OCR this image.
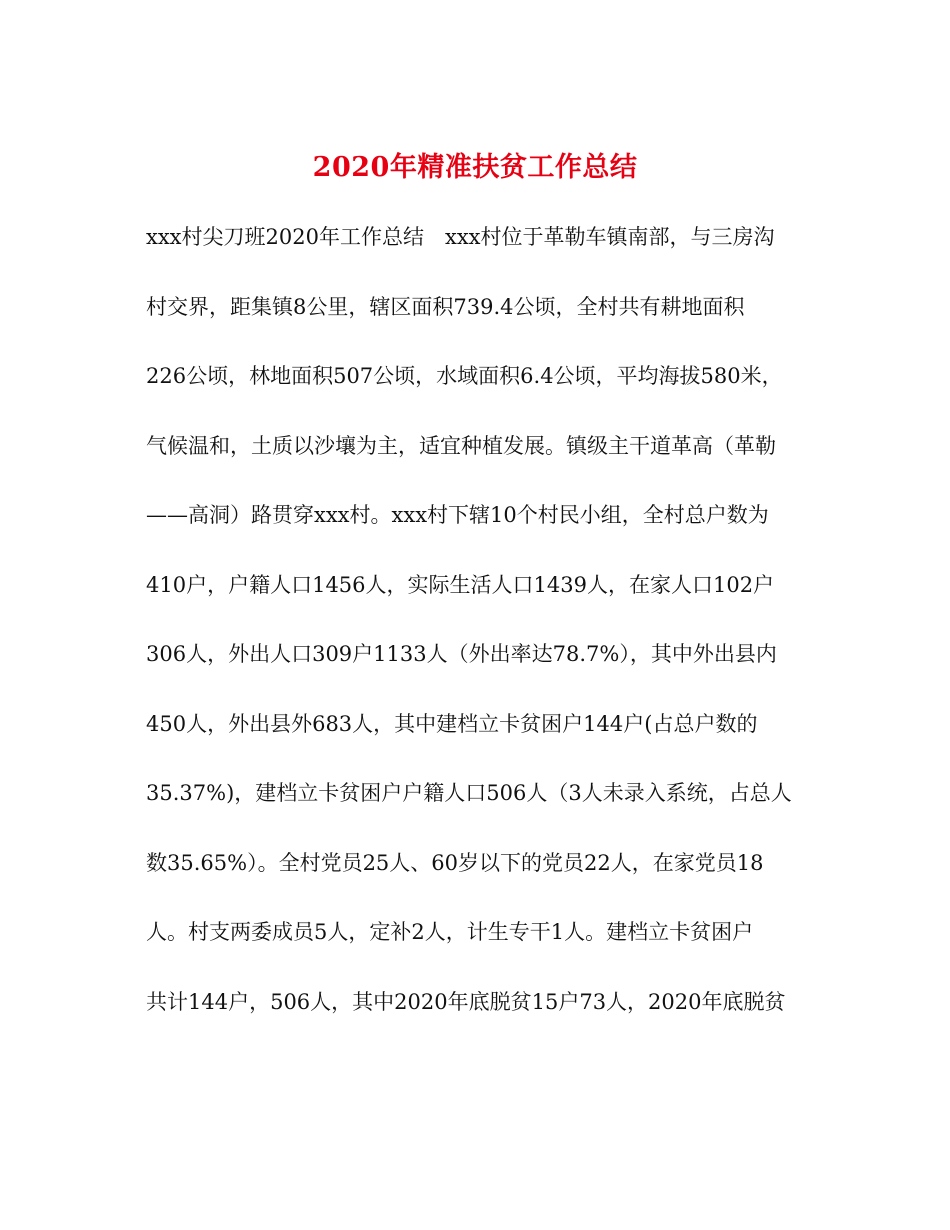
2020年精准扶贫工作总结
xxx村尖刀班2020年工作总结　xxx村位于革勒车镇南部，与三房沟
村交界，距集镇8公里，辖区面积739.4公顷，全村共有耕地面积
226公顷，林地面积507公顷，水域面积6.4公顷，平均海拔580米，
气候温和，土质以沙壤为主，适宜种植发展。镇级主干道革高（革勒
——高洞）路贯穿xxx村。xxx村下辖10个村民小组，全村总户数为
410户，户籍人口1456人，实际生活人口1439人，在家人口102户
306人，外出人口309户1133人（外出率达78.7%），其中外出县内
450人，外出县外683人，其中建档立卡贫困户144户(占总户数的
35.37%)，建档立卡贫困户户籍人口506人（3人未录入系统，占总人
数35.65%）。全村党员25人、60岁以下的党员22人，在家党员18
人。村支两委成员5人，定补2人，计生专干1人。建档立卡贫困户
共计144户，506人，其中2020年底脱贫15户73人，2020年底脱贫
